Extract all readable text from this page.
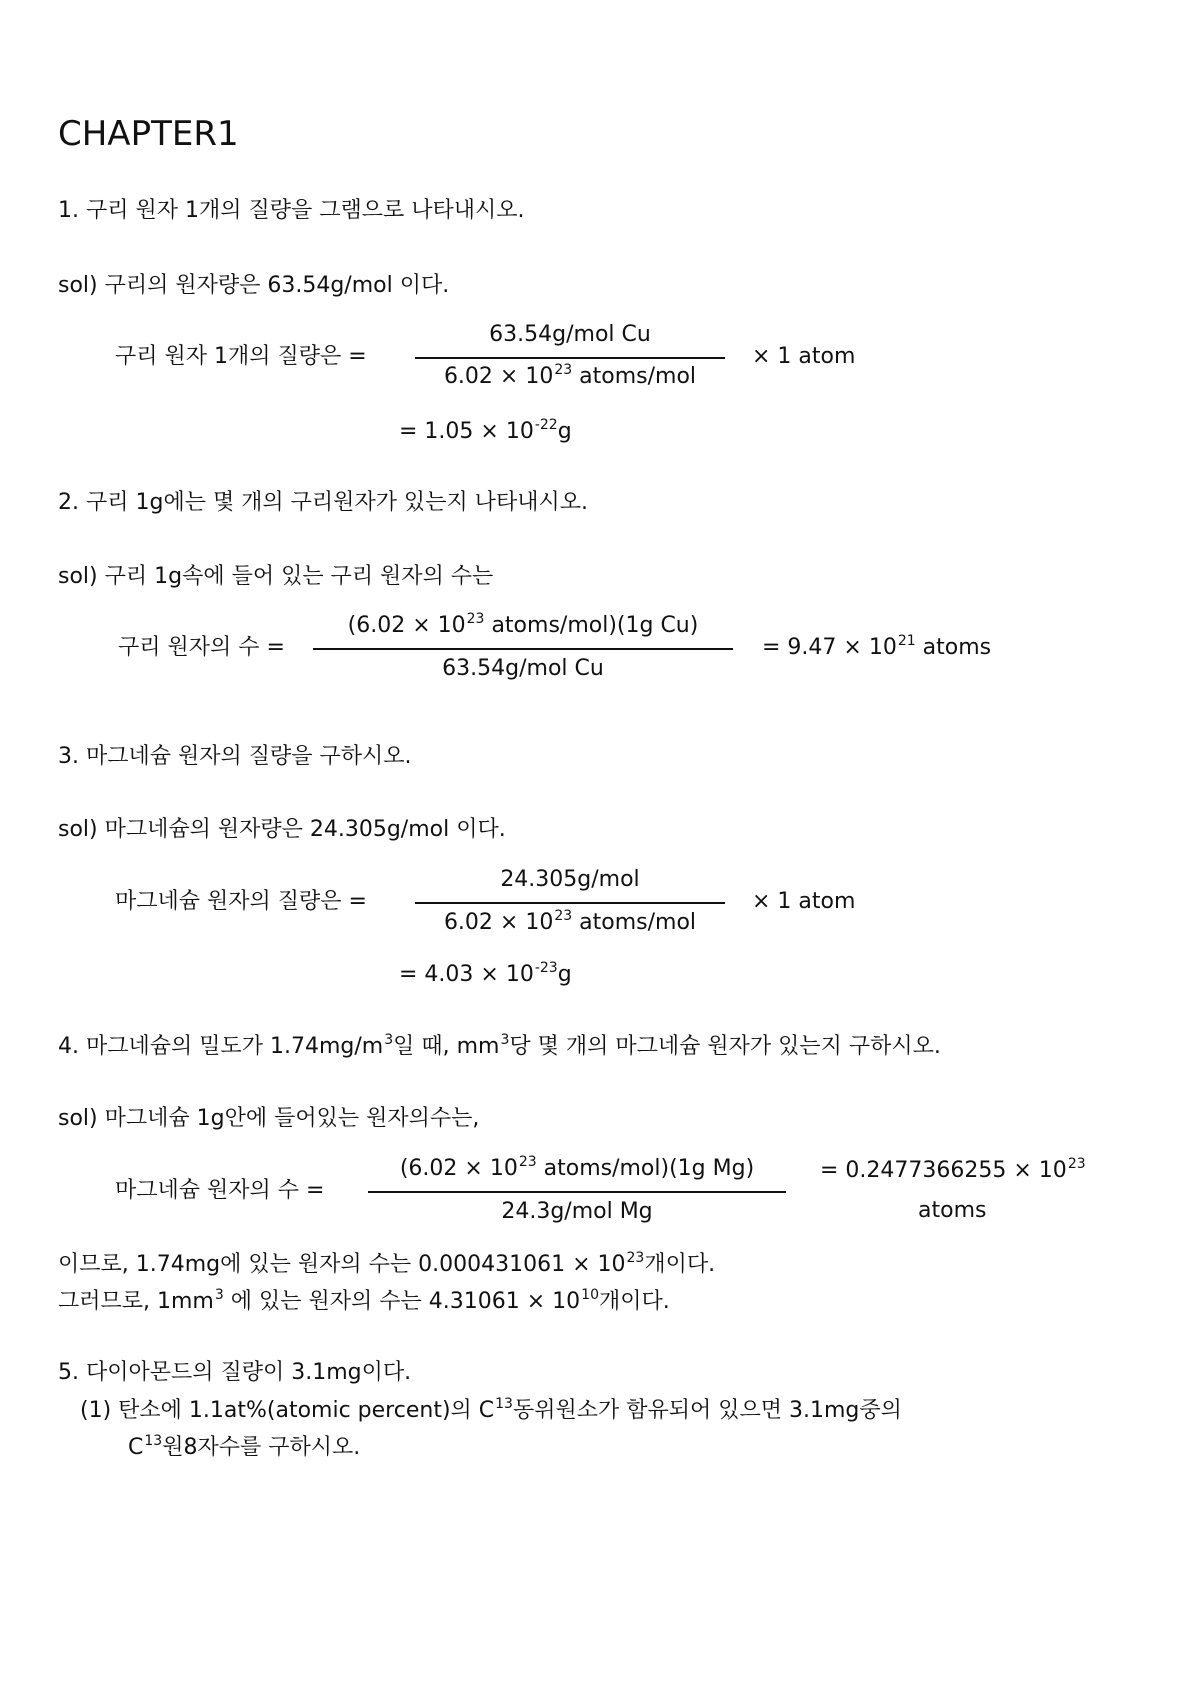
CHAPTER1
1. 구리 원자 1개의 질량을 그램으로 나타내시오.
sol) 구리의 원자량은 63.54g/mol 이다.
구리 원자 1개의 질량은 =
63.54g/mol Cu
$6.02 \times 10^{23}$ atoms/mol
× 1 atom
= $1.05 \times 10^{-22}g$
2. 구리 1g에는 몇 개의 구리원자가 있는지 나타내시오.
sol) 구리 1g속에 들어 있는 구리 원자의 수는
구리 원자의 수 =
($6.02 \times 10^{23}$ atoms/mol)(1g Cu)
63.54g/mol Cu
= $9.47 \times 10^{21}$ atoms
3. 마그네슘 원자의 질량을 구하시오.
sol) 마그네슘의 원자량은 24.305g/mol 이다.
마그네슘 원자의 질량은 =
24.305g/mol
$6.02 \times 10^{23}$ atoms/mol
× 1 atom
= $4.03 \times 10^{-23}g$
4. 마그네슘의 밀도가 $1.74mg/m^3$일 때, $mm^3$당 몇 개의 마그네슘 원자가 있는지 구하시오.
sol) 마그네슘 1g안에 들어있는 원자의수는,
마그네슘 원자의 수 =
($6.02 \times 10^{23}$ atoms/mol)(1g Mg)
24.3g/mol Mg
= $0.2477366255 \times 10^{23}$
atoms
이므로, 1.74mg에 있는 원자의 수는 $0.000431061 \times 10^{23}$개이다.
그러므로, $1mm^3$ 에 있는 원자의 수는 $4.31061 \times 10^{10}$개이다.
5. 다이아몬드의 질량이 3.1mg이다.
(1) 탄소에 1.1at%(atomic percent)의 $C^{13}$동위원소가 함유되어 있으면 3.1mg중의
$C^{13}$원8자수를 구하시오.
